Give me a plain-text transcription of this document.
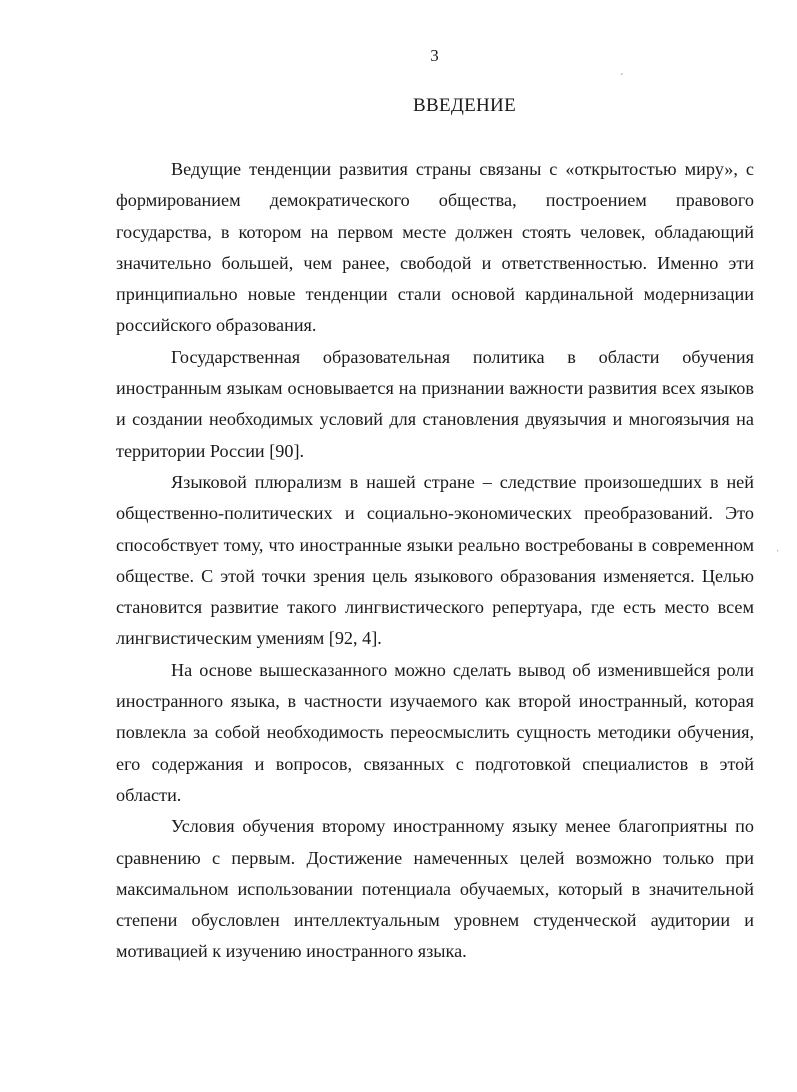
3
ВВЕДЕНИЕ

Ведущие тенденции развития страны связаны с «открытостью миру», с формированием демократического общества, построением правового государства, в котором на первом месте должен стоять человек, обладающий значительно большей, чем ранее, свободой и ответственностью. Именно эти принципиально новые тенденции стали основой кардинальной модернизации российского образования.

Государственная образовательная политика в области обучения иностранным языкам основывается на признании важности развития всех языков и создании необходимых условий для становления двуязычия и многоязычия на территории России [90].

Языковой плюрализм в нашей стране – следствие произошедших в ней общественно-политических и социально-экономических преобразований. Это способствует тому, что иностранные языки реально востребованы в современном обществе. С этой точки зрения цель языкового образования изменяется. Целью становится развитие такого лингвистического репертуара, где есть место всем лингвистическим умениям [92, 4].

На основе вышесказанного можно сделать вывод об изменившейся роли иностранного языка, в частности изучаемого как второй иностранный, которая повлекла за собой необходимость переосмыслить сущность методики обучения, его содержания и вопросов, связанных с подготовкой специалистов в этой области.

Условия обучения второму иностранному языку менее благоприятны по сравнению с первым. Достижение намеченных целей возможно только при максимальном использовании потенциала обучаемых, который в значительной степени обусловлен интеллектуальным уровнем студенческой аудитории и мотивацией к изучению иностранного языка.

ˊ
ˌ
